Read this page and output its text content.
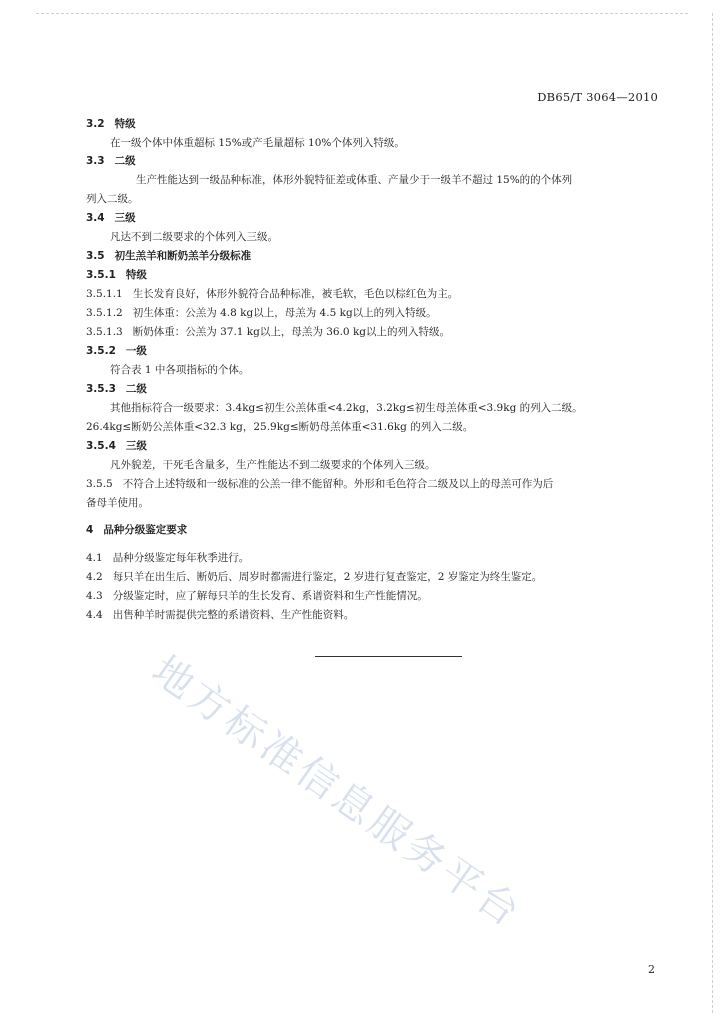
DB65/T 3064—2010
3.2 特级
在一级个体中体重超标 15%或产毛量超标 10%个体列入特级。
3.3 二级
生产性能达到一级品种标准，体形外貌特征差或体重、产量少于一级羊不超过 15%的的个体列
列入二级。
3.4 三级
凡达不到二级要求的个体列入三级。
3.5 初生羔羊和断奶羔羊分级标准
3.5.1 特级
3.5.1.1 生长发育良好，体形外貌符合品种标准，被毛软，毛色以棕红色为主。
3.5.1.2 初生体重：公羔为 4.8 kg以上，母羔为 4.5 kg以上的列入特级。
3.5.1.3 断奶体重：公羔为 37.1 kg以上，母羔为 36.0 kg以上的列入特级。
3.5.2 一级
符合表 1 中各项指标的个体。
3.5.3 二级
其他指标符合一级要求：3.4kg≤初生公羔体重<4.2kg，3.2kg≤初生母羔体重<3.9kg 的列入二级。
26.4kg≤断奶公羔体重<32.3 kg，25.9kg≤断奶母羔体重<31.6kg 的列入二级。
3.5.4 三级
凡外貌差，干死毛含量多，生产性能达不到二级要求的个体列入三级。
3.5.5 不符合上述特级和一级标准的公羔一律不能留种。外形和毛色符合二级及以上的母羔可作为后
备母羊使用。
4 品种分级鉴定要求
4.1 品种分级鉴定每年秋季进行。
4.2 每只羊在出生后、断奶后、周岁时都需进行鉴定，2 岁进行复查鉴定，2 岁鉴定为终生鉴定。
4.3 分级鉴定时，应了解每只羊的生长发育、系谱资料和生产性能情况。
4.4 出售种羊时需提供完整的系谱资料、生产性能资料。
地方标准信息服务平台
2
